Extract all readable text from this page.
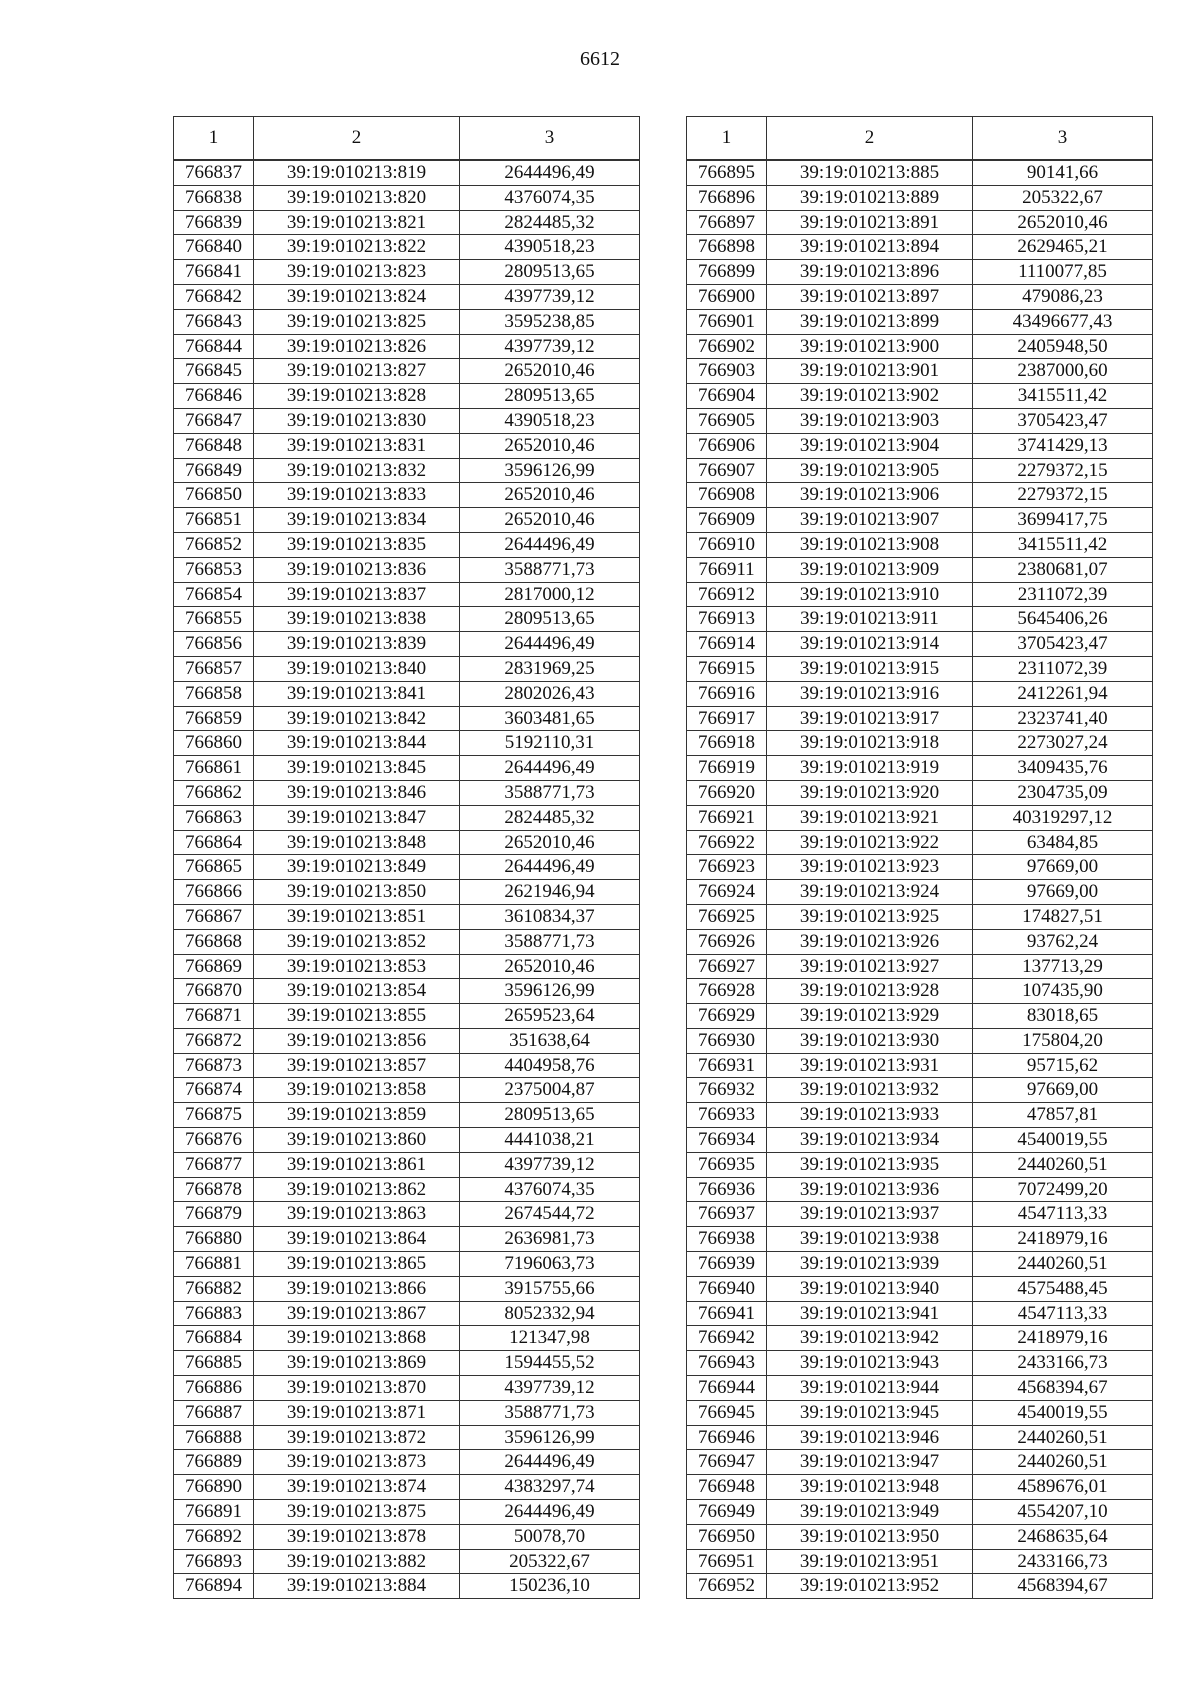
6612
1	2	3
766837	39:19:010213:819	2644496,49
766838	39:19:010213:820	4376074,35
766839	39:19:010213:821	2824485,32
766840	39:19:010213:822	4390518,23
766841	39:19:010213:823	2809513,65
766842	39:19:010213:824	4397739,12
766843	39:19:010213:825	3595238,85
766844	39:19:010213:826	4397739,12
766845	39:19:010213:827	2652010,46
766846	39:19:010213:828	2809513,65
766847	39:19:010213:830	4390518,23
766848	39:19:010213:831	2652010,46
766849	39:19:010213:832	3596126,99
766850	39:19:010213:833	2652010,46
766851	39:19:010213:834	2652010,46
766852	39:19:010213:835	2644496,49
766853	39:19:010213:836	3588771,73
766854	39:19:010213:837	2817000,12
766855	39:19:010213:838	2809513,65
766856	39:19:010213:839	2644496,49
766857	39:19:010213:840	2831969,25
766858	39:19:010213:841	2802026,43
766859	39:19:010213:842	3603481,65
766860	39:19:010213:844	5192110,31
766861	39:19:010213:845	2644496,49
766862	39:19:010213:846	3588771,73
766863	39:19:010213:847	2824485,32
766864	39:19:010213:848	2652010,46
766865	39:19:010213:849	2644496,49
766866	39:19:010213:850	2621946,94
766867	39:19:010213:851	3610834,37
766868	39:19:010213:852	3588771,73
766869	39:19:010213:853	2652010,46
766870	39:19:010213:854	3596126,99
766871	39:19:010213:855	2659523,64
766872	39:19:010213:856	351638,64
766873	39:19:010213:857	4404958,76
766874	39:19:010213:858	2375004,87
766875	39:19:010213:859	2809513,65
766876	39:19:010213:860	4441038,21
766877	39:19:010213:861	4397739,12
766878	39:19:010213:862	4376074,35
766879	39:19:010213:863	2674544,72
766880	39:19:010213:864	2636981,73
766881	39:19:010213:865	7196063,73
766882	39:19:010213:866	3915755,66
766883	39:19:010213:867	8052332,94
766884	39:19:010213:868	121347,98
766885	39:19:010213:869	1594455,52
766886	39:19:010213:870	4397739,12
766887	39:19:010213:871	3588771,73
766888	39:19:010213:872	3596126,99
766889	39:19:010213:873	2644496,49
766890	39:19:010213:874	4383297,74
766891	39:19:010213:875	2644496,49
766892	39:19:010213:878	50078,70
766893	39:19:010213:882	205322,67
766894	39:19:010213:884	150236,10
1	2	3
766895	39:19:010213:885	90141,66
766896	39:19:010213:889	205322,67
766897	39:19:010213:891	2652010,46
766898	39:19:010213:894	2629465,21
766899	39:19:010213:896	1110077,85
766900	39:19:010213:897	479086,23
766901	39:19:010213:899	43496677,43
766902	39:19:010213:900	2405948,50
766903	39:19:010213:901	2387000,60
766904	39:19:010213:902	3415511,42
766905	39:19:010213:903	3705423,47
766906	39:19:010213:904	3741429,13
766907	39:19:010213:905	2279372,15
766908	39:19:010213:906	2279372,15
766909	39:19:010213:907	3699417,75
766910	39:19:010213:908	3415511,42
766911	39:19:010213:909	2380681,07
766912	39:19:010213:910	2311072,39
766913	39:19:010213:911	5645406,26
766914	39:19:010213:914	3705423,47
766915	39:19:010213:915	2311072,39
766916	39:19:010213:916	2412261,94
766917	39:19:010213:917	2323741,40
766918	39:19:010213:918	2273027,24
766919	39:19:010213:919	3409435,76
766920	39:19:010213:920	2304735,09
766921	39:19:010213:921	40319297,12
766922	39:19:010213:922	63484,85
766923	39:19:010213:923	97669,00
766924	39:19:010213:924	97669,00
766925	39:19:010213:925	174827,51
766926	39:19:010213:926	93762,24
766927	39:19:010213:927	137713,29
766928	39:19:010213:928	107435,90
766929	39:19:010213:929	83018,65
766930	39:19:010213:930	175804,20
766931	39:19:010213:931	95715,62
766932	39:19:010213:932	97669,00
766933	39:19:010213:933	47857,81
766934	39:19:010213:934	4540019,55
766935	39:19:010213:935	2440260,51
766936	39:19:010213:936	7072499,20
766937	39:19:010213:937	4547113,33
766938	39:19:010213:938	2418979,16
766939	39:19:010213:939	2440260,51
766940	39:19:010213:940	4575488,45
766941	39:19:010213:941	4547113,33
766942	39:19:010213:942	2418979,16
766943	39:19:010213:943	2433166,73
766944	39:19:010213:944	4568394,67
766945	39:19:010213:945	4540019,55
766946	39:19:010213:946	2440260,51
766947	39:19:010213:947	2440260,51
766948	39:19:010213:948	4589676,01
766949	39:19:010213:949	4554207,10
766950	39:19:010213:950	2468635,64
766951	39:19:010213:951	2433166,73
766952	39:19:010213:952	4568394,67
